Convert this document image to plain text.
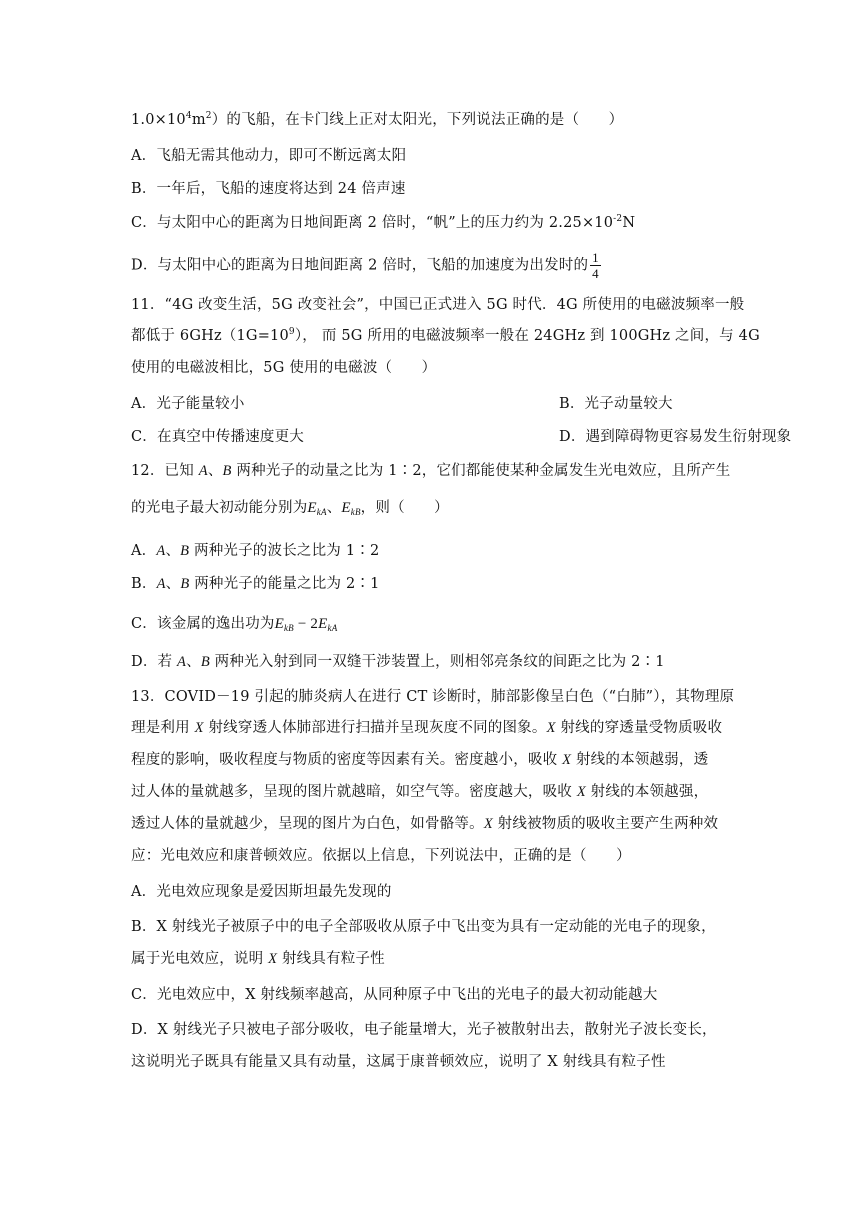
$1.0\times 10^4m^2$）的飞船，在卡门线上正对太阳光，下列说法正确的是（　　）
A．飞船无需其他动力，即可不断远离太阳
B．一年后，飞船的速度将达到 24 倍声速
C．与太阳中心的距离为日地间距离 2 倍时，“帆”上的压力约为 $2.25\times 10^{-2}N$
D．与太阳中心的距离为日地间距离 2 倍时，飞船的加速度为出发时的 $\frac{1}{4}$
11．“4G 改变生活，5G 改变社会”，中国已正式进入 5G 时代．4G 所使用的电磁波频率一般
都低于 $6GHz(1G=10^9)$， 而 5G 所用的电磁波频率一般在 24GHz 到 100GHz 之间，与 4G
使用的电磁波相比，5G 使用的电磁波（　　）
A．光子能量较小	B．光子动量较大
C．在真空中传播速度更大	D．遇到障碍物更容易发生衍射现象
12．已知 A、B 两种光子的动量之比为 1∶2，它们都能使某种金属发生光电效应，且所产生
的光电子最大初动能分别为$E_{kA}$、$E_{kB}$，则（　　）
A．A、B 两种光子的波长之比为 1∶2
B．A、B 两种光子的能量之比为 2∶1
C．该金属的逸出功为$E_{kB} - 2E_{kA}$
D．若 A、B 两种光入射到同一双缝干涉装置上，则相邻亮条纹的间距之比为 2∶1
13．COVID－19 引起的肺炎病人在进行 CT 诊断时，肺部影像呈白色（“白肺”），其物理原
理是利用 X 射线穿透人体肺部进行扫描并呈现灰度不同的图象。X 射线的穿透量受物质吸收
程度的影响，吸收程度与物质的密度等因素有关。密度越小，吸收 X 射线的本领越弱，透
过人体的量就越多，呈现的图片就越暗，如空气等。密度越大，吸收 X 射线的本领越强，
透过人体的量就越少，呈现的图片为白色，如骨骼等。X 射线被物质的吸收主要产生两种效
应：光电效应和康普顿效应。依据以上信息，下列说法中，正确的是（　　）
A．光电效应现象是爱因斯坦最先发现的
B．X 射线光子被原子中的电子全部吸收从原子中飞出变为具有一定动能的光电子的现象，
属于光电效应，说明 X 射线具有粒子性
C．光电效应中，X 射线频率越高，从同种原子中飞出的光电子的最大初动能越大
D．X 射线光子只被电子部分吸收，电子能量增大，光子被散射出去，散射光子波长变长，
这说明光子既具有能量又具有动量，这属于康普顿效应，说明了 X 射线具有粒子性
